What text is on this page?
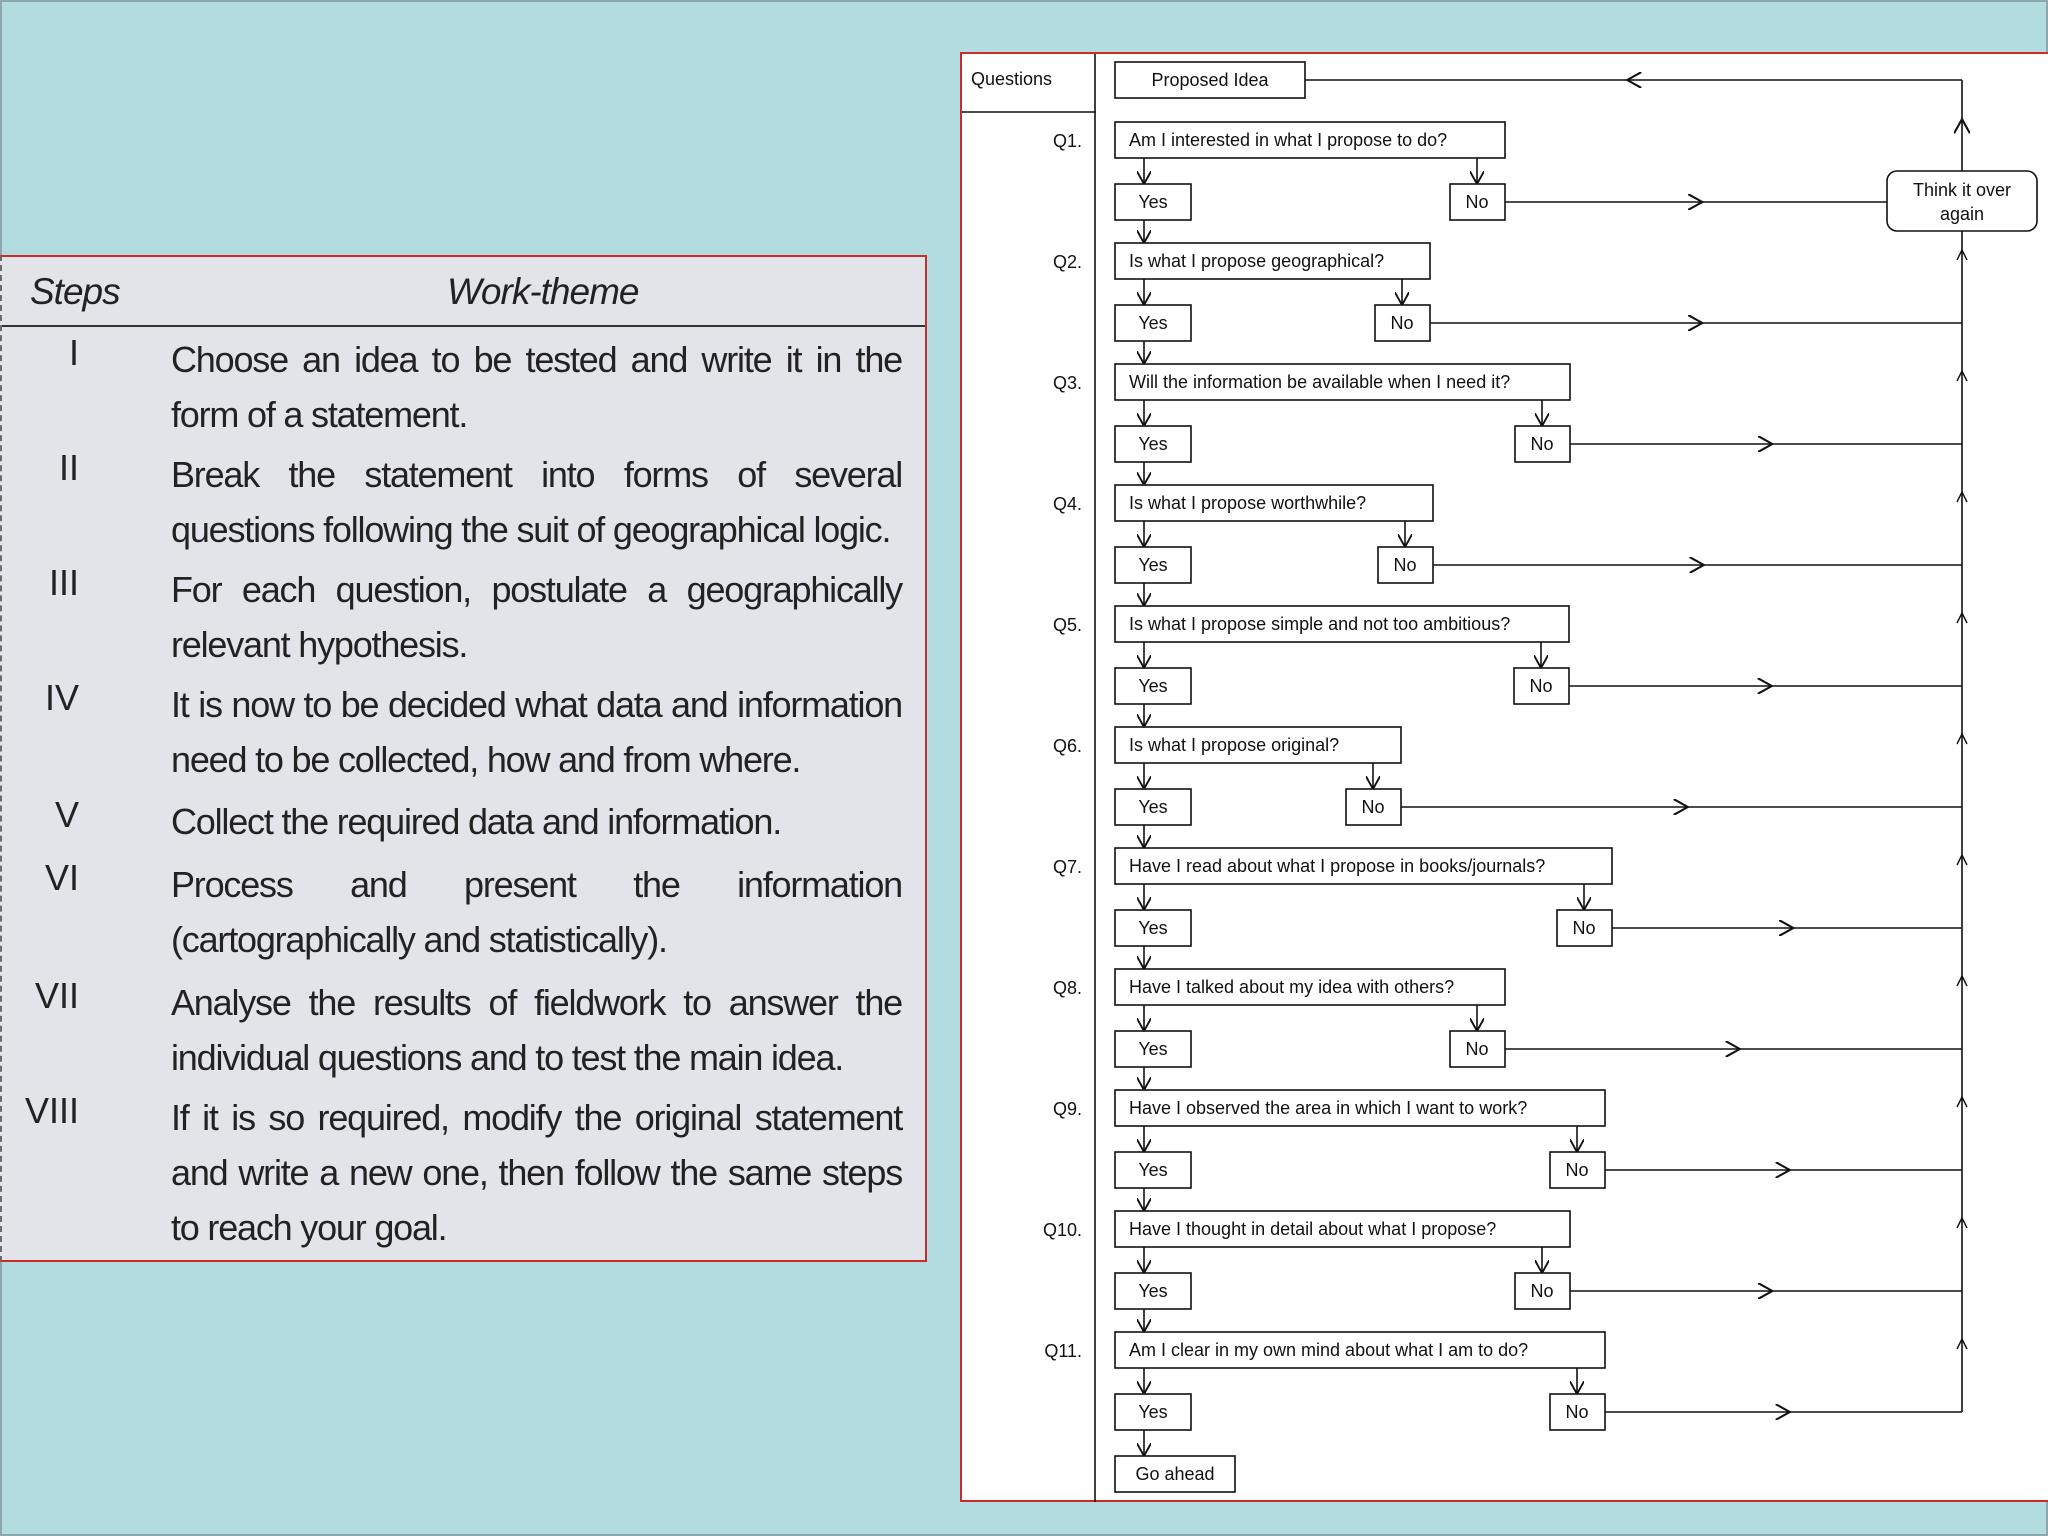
Steps	Work-theme
I	Choose an idea to be tested and write it in the form of a statement.
II	Break the statement into forms of several questions following the suit of geographical logic.
III	For each question, postulate a geographically relevant hypothesis.
IV	It is now to be decided what data and information need to be collected, how and from where.
V	Collect the required data and information.
VI	Process and present the information (cartographically and statistically).
VII	Analyse the results of fieldwork to answer the individual questions and to test the main idea.
VIII	If it is so required, modify the original statement and write a new one, then follow the same steps to reach your goal.
Questions	Proposed Idea
Think it over
again
Q1.	Am I interested in what I propose to do?
Yes	No
Q2.	Is what I propose geographical?
Yes	No
Q3.	Will the information be available when I need it?
Yes	No
Q4.	Is what I propose worthwhile?
Yes	No
Q5.	Is what I propose simple and not too ambitious?
Yes	No
Q6.	Is what I propose original?
Yes	No
Q7.	Have I read about what I propose in books/journals?
Yes	No
Q8.	Have I talked about my idea with others?
Yes	No
Q9.	Have I observed the area in which I want to work?
Yes	No
Q10.	Have I thought in detail about what I propose?
Yes	No
Q11.	Am I clear in my own mind about what I am to do?
Yes	No
Go ahead
